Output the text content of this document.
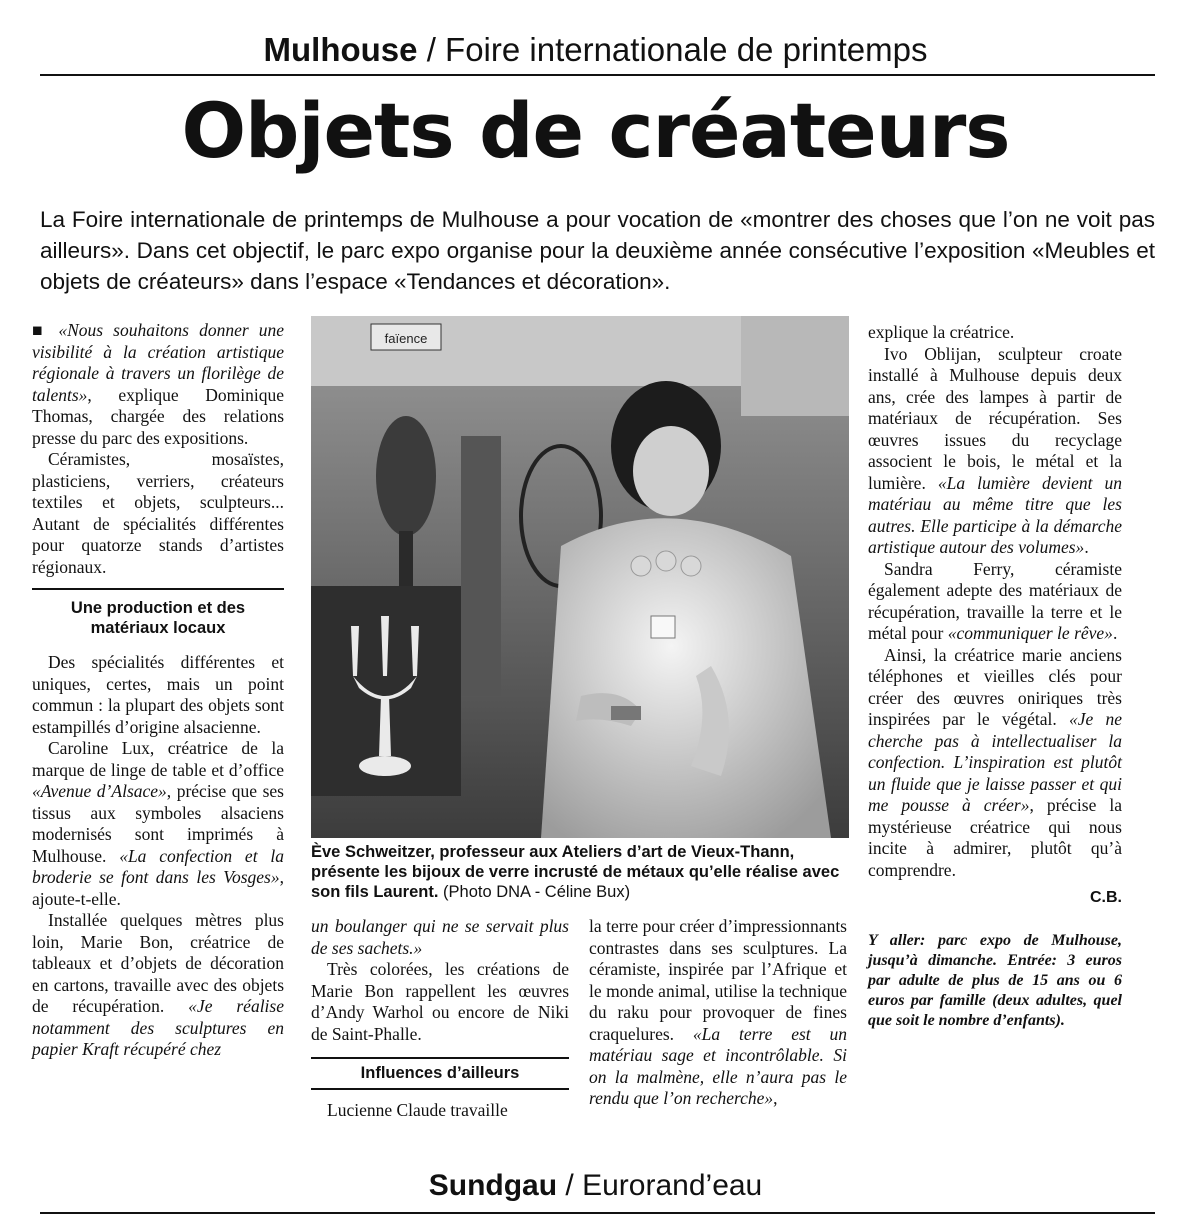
Mulhouse / Foire internationale de printemps
Objets de créateurs
La Foire internationale de printemps de Mulhouse a pour vocation de «montrer des choses que l’on ne voit pas ailleurs». Dans cet objectif, le parc expo organise pour la deuxième année consécutive l’exposition «Meubles et objets de créateurs» dans l’espace «Tendances et décoration».

■ «Nous souhaitons donner une visibilité à la création artistique régionale à travers un florilège de talents», explique Dominique Thomas, chargée des relations presse du parc des expositions.

Céramistes, mosaïstes, plasticiens, verriers, créateurs textiles et objets, sculpteurs... Autant de spécialités différentes pour quatorze stands d’artistes régionaux.

Une production et des matériaux locaux

Des spécialités différentes et uniques, certes, mais un point commun : la plupart des objets sont estampillés d’origine alsacienne.

Caroline Lux, créatrice de la marque de linge de table et d’office «Avenue d’Alsace», précise que ses tissus aux symboles alsaciens modernisés sont imprimés à Mulhouse. «La confection et la broderie se font dans les Vosges», ajoute-t-elle.

Installée quelques mètres plus loin, Marie Bon, créatrice de tableaux et d’objets de décoration en cartons, travaille avec des objets de récupération. «Je réalise notamment des sculptures en papier Kraft récupéré chez

faïence
Ève Schweitzer, professeur aux Ateliers d’art de Vieux-Thann, présente les bijoux de verre incrusté de métaux qu’elle réalise avec son fils Laurent. (Photo DNA - Céline Bux)

un boulanger qui ne se servait plus de ses sachets.»

Très colorées, les créations de Marie Bon rappellent les œuvres d’Andy Warhol ou encore de Niki de Saint-Phalle.

Influences d’ailleurs

Lucienne Claude travaille

la terre pour créer d’impressionnants contrastes dans ses sculptures. La céramiste, inspirée par l’Afrique et le monde animal, utilise la technique du raku pour provoquer de fines craquelures. «La terre est un matériau sage et incontrôlable. Si on la malmène, elle n’aura pas le rendu que l’on recherche»,

explique la créatrice.

Ivo Oblijan, sculpteur croate installé à Mulhouse depuis deux ans, crée des lampes à partir de matériaux de récupération. Ses œuvres issues du recyclage associent le bois, le métal et la lumière. «La lumière devient un matériau au même titre que les autres. Elle participe à la démarche artistique autour des volumes».

Sandra Ferry, céramiste également adepte des matériaux de récupération, travaille la terre et le métal pour «communiquer le rêve».

Ainsi, la créatrice marie anciens téléphones et vieilles clés pour créer des œuvres oniriques très inspirées par le végétal. «Je ne cherche pas à intellectualiser la confection. L’inspiration est plutôt un fluide que je laisse passer et qui me pousse à créer», précise la mystérieuse créatrice qui nous incite à admirer, plutôt qu’à comprendre.

C.B.
Y aller: parc expo de Mulhouse, jusqu’à dimanche. Entrée: 3 euros par adulte de plus de 15 ans ou 6 euros par famille (deux adultes, quel que soit le nombre d’enfants).
Sundgau / Eurorand’eau
